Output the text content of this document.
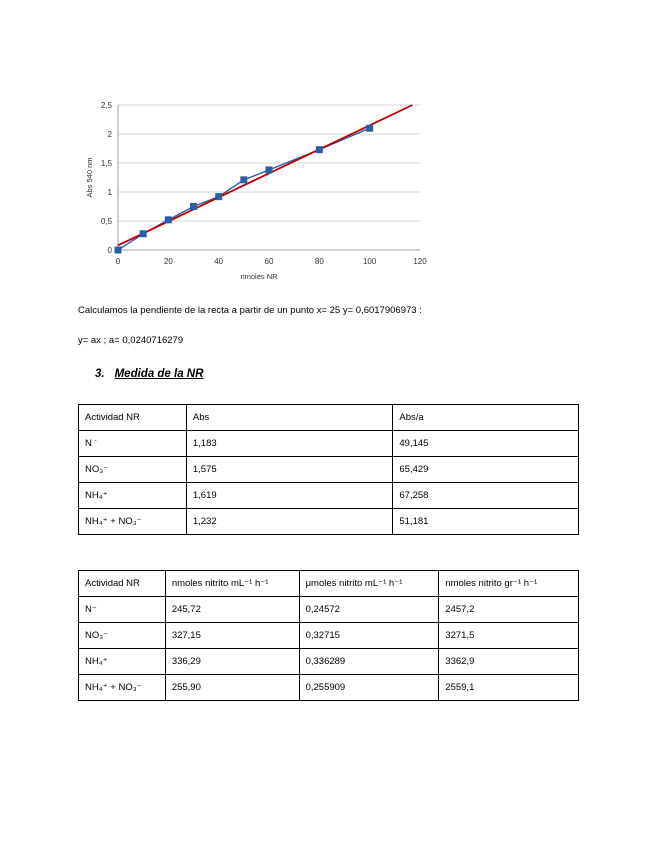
0
0,5
1
1,5
2
2,5
0	20	40	60	80	100	120
nmoles NR
Abs 540 nm
Calculamos la pendiente de la recta a partir de un punto x= 25 y= 0,6017906973 :
y= ax ; a= 0,0240716279
3. Medida de la NR
Actividad NR	Abs	Abs/a
N -	1,183	49,145
NO₃⁻	1,575	65,429
NH₄⁺	1,619	67,258
NH₄⁺ + NO₃⁻	1,232	51,181
Actividad NR	nmoles nitrito mL⁻¹ h⁻¹	μmoles nitrito mL⁻¹ h⁻¹	nmoles nitrito gr⁻¹ h⁻¹
N⁻	245,72	0,24572	2457,2
NO₃⁻	327,15	0,32715	3271,5
NH₄⁺	336,29	0,336289	3362,9
NH₄⁺ + NO₃⁻	255,90	0,255909	2559,1
